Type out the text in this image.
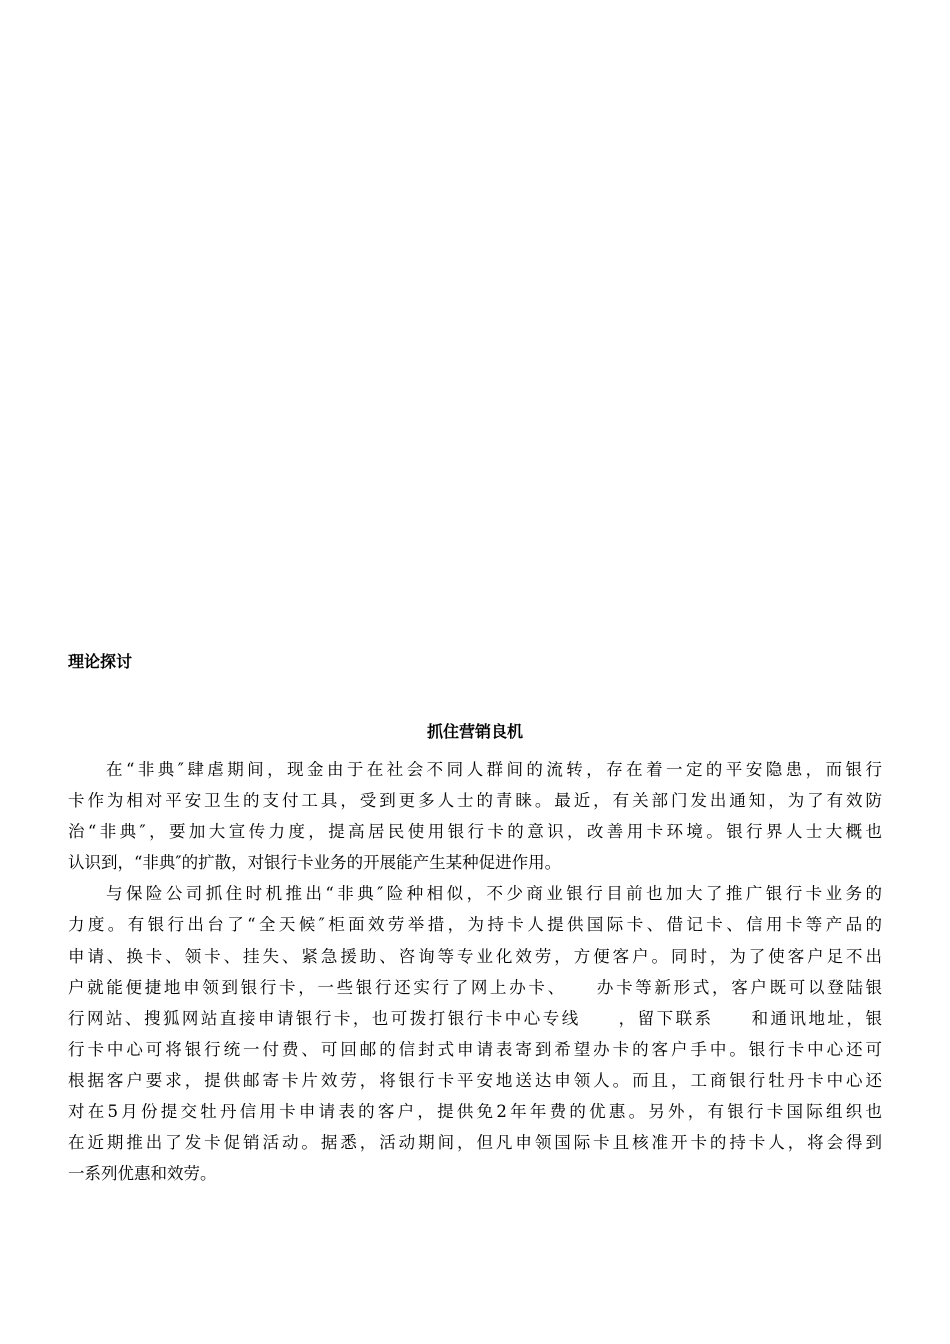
理论探讨
抓住营销良机

在“非典″肆虐期间，现金由于在社会不同人群间的流转，存在着一定的平安隐患，而银行
卡作为相对平安卫生的支付工具，受到更多人士的青睐。最近，有关部门发出通知，为了有效防
治“非典″，要加大宣传力度，提高居民使用银行卡的意识，改善用卡环境。银行界人士大概也
认识到，“非典″的扩散，对银行卡业务的开展能产生某种促进作用。

与保险公司抓住时机推出“非典″险种相似，不少商业银行目前也加大了推广银行卡业务的
力度。有银行出台了“全天候″柜面效劳举措，为持卡人提供国际卡、借记卡、信用卡等产品的
申请、换卡、领卡、挂失、紧急援助、咨询等专业化效劳，方便客户。同时，为了使客户足不出
户就能便捷地申领到银行卡，一些银行还实行了网上办卡、　　办卡等新形式，客户既可以登陆银
行网站、搜狐网站直接申请银行卡，也可拨打银行卡中心专线　　，留下联系　　和通讯地址，银
行卡中心可将银行统一付费、可回邮的信封式申请表寄到希望办卡的客户手中。银行卡中心还可
根据客户要求，提供邮寄卡片效劳，将银行卡平安地送达申领人。而且，工商银行牡丹卡中心还
对在5月份提交牡丹信用卡申请表的客户，提供免2年年费的优惠。另外，有银行卡国际组织也
在近期推出了发卡促销活动。据悉，活动期间，但凡申领国际卡且核准开卡的持卡人，将会得到
一系列优惠和效劳。
